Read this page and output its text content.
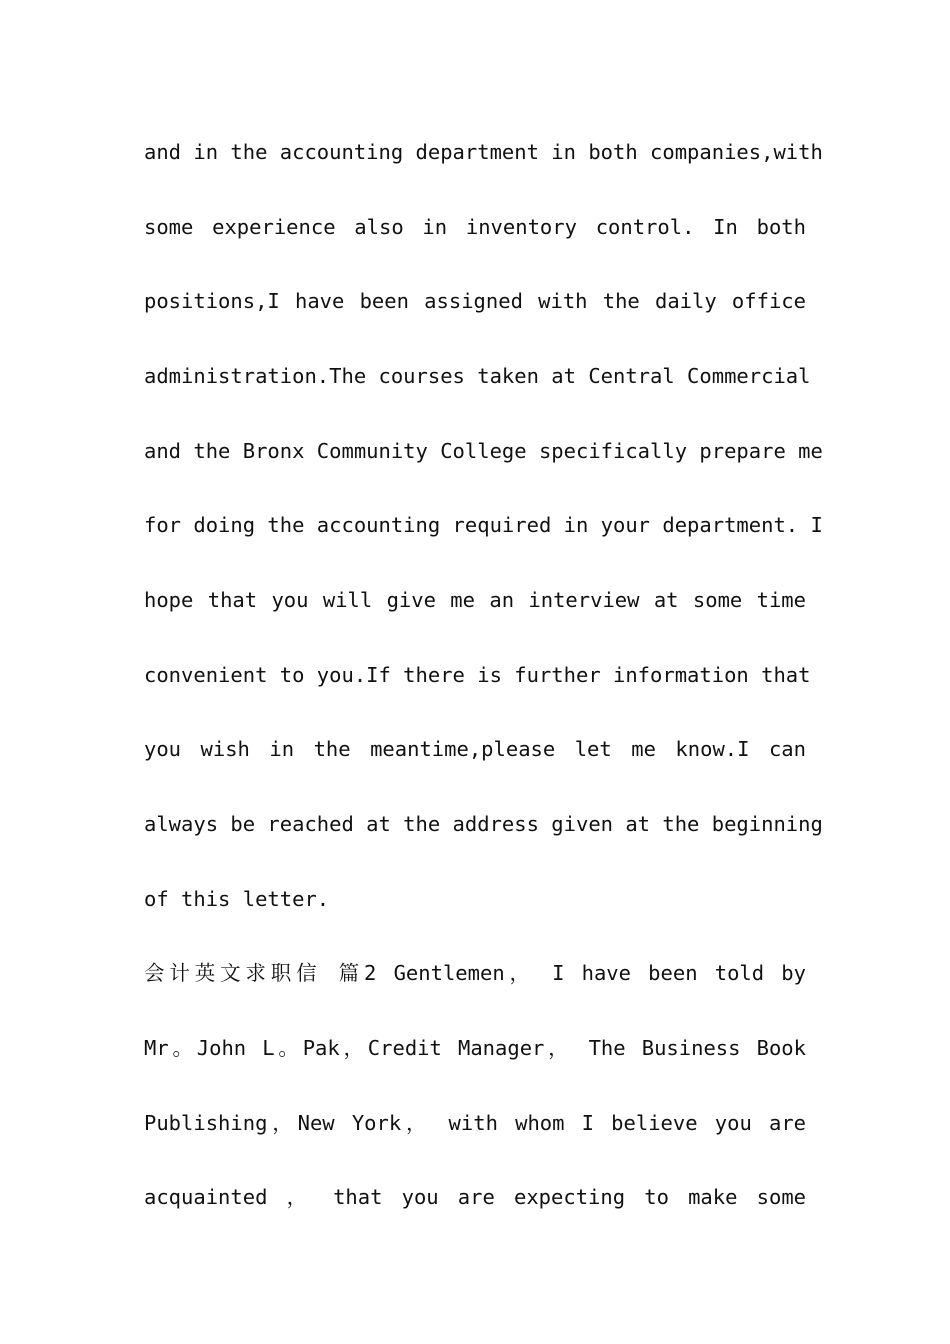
and in the accounting department in both companies,with
some experience also in inventory control. In both
positions,I have been assigned with the daily office
administration.The courses taken at Central Commercial
and the Bronx Community College specifically prepare me
for doing the accounting required in your department. I
hope that you will give me an interview at some time
convenient to you.If there is further information that
you wish in the meantime,please let me know.I can
always be reached at the address given at the beginning
of this letter.
会计英文求职信 篇2 Gentlemen， I have been told by
Mr。John L。Pak，Credit Manager， The Business Book
Publishing，New York， with whom I believe you are
acquainted ， that you are expecting to make some
